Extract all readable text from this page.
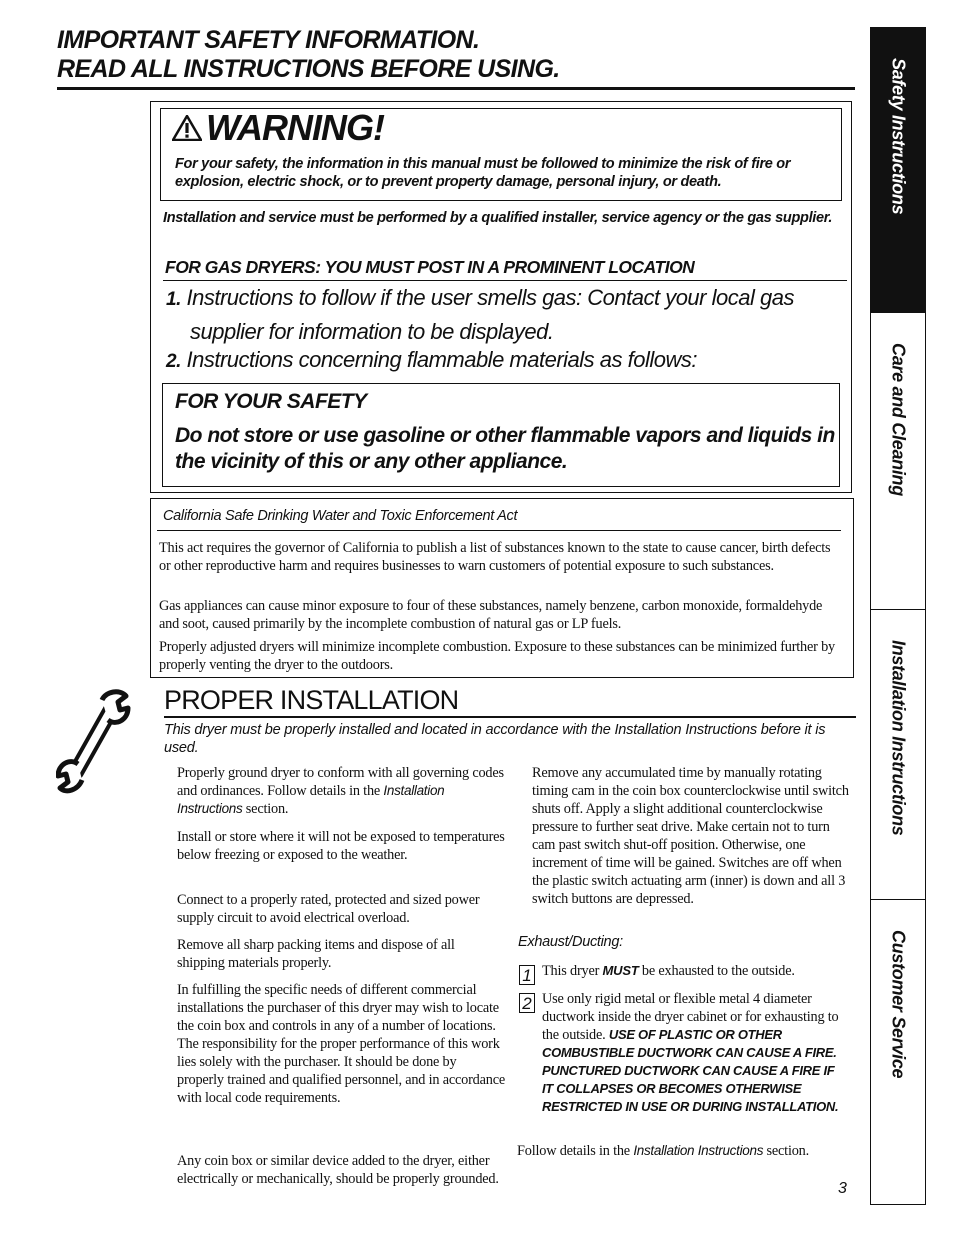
IMPORTANT SAFETY INFORMATION.
READ ALL INSTRUCTIONS BEFORE USING.	Safety Instructions
Care and Cleaning
Installation Instructions
Customer Service
WARNING!
For your safety, the information in this manual must be followed to minimize the risk of fire or explosion, electric shock, or to prevent property damage, personal injury, or death.
Installation and service must be performed by a qualified installer, service agency or the gas supplier.
FOR GAS DRYERS: YOU MUST POST IN A PROMINENT LOCATION
1. Instructions to follow if the user smells gas: Contact your local gas
supplier for information to be displayed.
2. Instructions concerning flammable materials as follows:
FOR YOUR SAFETY
Do not store or use gasoline or other flammable vapors and liquids in the vicinity of this or any other appliance.
California Safe Drinking Water and Toxic Enforcement Act
This act requires the governor of California to publish a list of substances known to the state to cause cancer, birth defects or other reproductive harm and requires businesses to warn customers of potential exposure to such substances.
Gas appliances can cause minor exposure to four of these substances, namely benzene, carbon monoxide, formaldehyde and soot, caused primarily by the incomplete combustion of natural gas or LP fuels.
Properly adjusted dryers will minimize incomplete combustion. Exposure to these substances can be minimized further by properly venting the dryer to the outdoors.
PROPER INSTALLATION
This dryer must be properly installed and located in accordance with the Installation Instructions before it is used.
Properly ground dryer to conform with all governing codes and ordinances. Follow details in the Installation Instructions section.
Install or store where it will not be exposed to temperatures below freezing or exposed to the weather.
Connect to a properly rated, protected and sized power supply circuit to avoid electrical overload.
Remove all sharp packing items and dispose of all shipping materials properly.
In fulfilling the specific needs of different commercial installations the purchaser of this dryer may wish to locate the coin box and controls in any of a number of locations. The responsibility for the proper performance of this work lies solely with the purchaser. It should be done by properly trained and qualified personnel, and in accordance with local code requirements.
Any coin box or similar device added to the dryer, either electrically or mechanically, should be properly grounded.
Remove any accumulated time by manually rotating timing cam in the coin box counterclockwise until switch shuts off. Apply a slight additional counterclockwise pressure to further seat drive. Make certain not to turn cam past switch shut-off position. Otherwise, one increment of time will be gained. Switches are off when the plastic switch actuating arm (inner) is down and all 3 switch buttons are depressed.
Exhaust/Ducting:
1 This dryer MUST be exhausted to the outside.
2 Use only rigid metal or flexible metal 4 diameter ductwork inside the dryer cabinet or for exhausting to the outside. USE OF PLASTIC OR OTHER COMBUSTIBLE DUCTWORK CAN CAUSE A FIRE. PUNCTURED DUCTWORK CAN CAUSE A FIRE IF IT COLLAPSES OR BECOMES OTHERWISE RESTRICTED IN USE OR DURING INSTALLATION.
Follow details in the Installation Instructions section.
3
